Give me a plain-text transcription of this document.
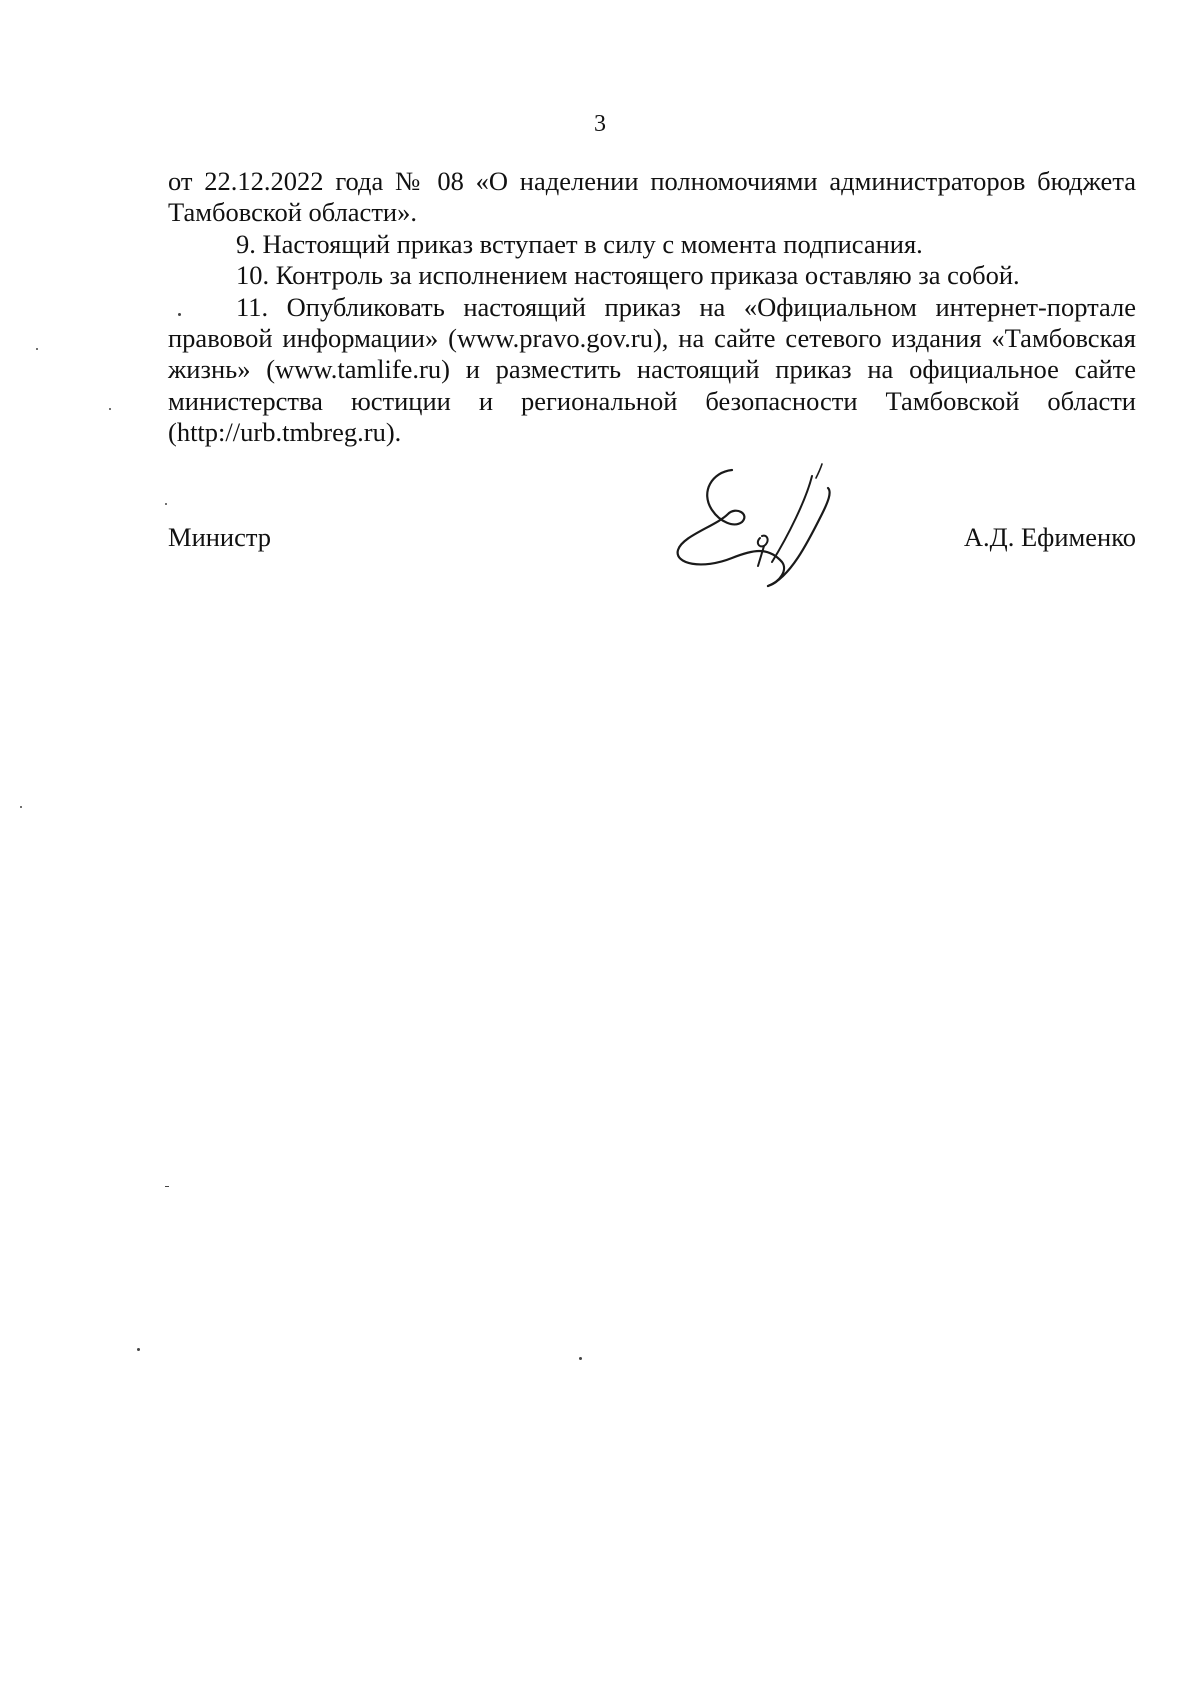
3

от 22.12.2022 года № 08 «О наделении полномочиями администраторов бюджета Тамбовской области».

9. Настоящий приказ вступает в силу с момента подписания.

10. Контроль за исполнением настоящего приказа оставляю за собой.

11. Опубликовать настоящий приказ на «Официальном интернет-портале правовой информации» (www.pravo.gov.ru), на сайте сетевого издания «Тамбовская жизнь» (www.tamlife.ru) и разместить настоящий приказ на официальное сайте министерства юстиции и региональной безопасности Тамбовской области (http://urb.tmbreg.ru).

Министр	А.Д. Ефименко
